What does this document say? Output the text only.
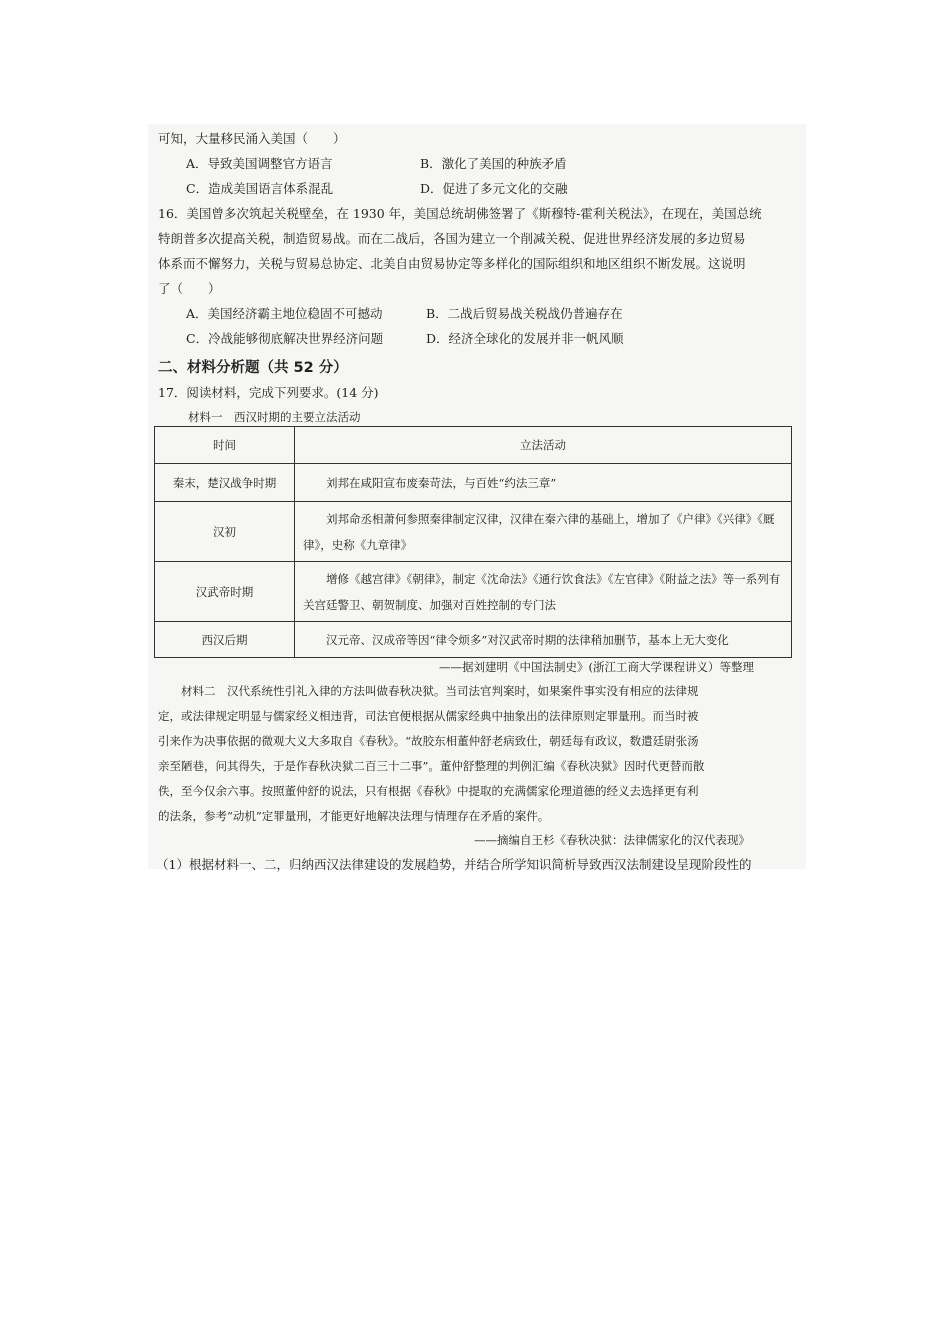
可知，大量移民涌入美国（　　）
A．导致美国调整官方语言	B．激化了美国的种族矛盾
C．造成美国语言体系混乱	D．促进了多元文化的交融
16．美国曾多次筑起关税壁垒，在 1930 年，美国总统胡佛签署了《斯穆特-霍利关税法》，在现在，美国总统
特朗普多次提高关税，制造贸易战。而在二战后，各国为建立一个削减关税、促进世界经济发展的多边贸易
体系而不懈努力，关税与贸易总协定、北美自由贸易协定等多样化的国际组织和地区组织不断发展。这说明
了（　　）
A．美国经济霸主地位稳固不可撼动	B．二战后贸易战关税战仍普遍存在
C．冷战能够彻底解决世界经济问题	D．经济全球化的发展并非一帆风顺
二、材料分析题（共 52 分）
17．阅读材料，完成下列要求。(14 分)
材料一　西汉时期的主要立法活动
时间	立法活动
秦末，楚汉战争时期	　　刘邦在咸阳宣布废秦苛法，与百姓“约法三章”
汉初	　　刘邦命丞相萧何参照秦律制定汉律，汉律在秦六律的基础上，增加了《户律》《兴律》《厩律》，史称《九章律》
汉武帝时期	　　增修《越宫律》《朝律》，制定《沈命法》《通行饮食法》《左官律》《附益之法》等一系列有关宫廷警卫、朝贺制度、加强对百姓控制的专门法
西汉后期	　　汉元帝、汉成帝等因“律令烦多”对汉武帝时期的法律稍加删节，基本上无大变化
——据刘建明《中国法制史》(浙江工商大学课程讲义）等整理
　　材料二　汉代系统性引礼入律的方法叫做春秋决狱。当司法官判案时，如果案件事实没有相应的法律规
定，或法律规定明显与儒家经义相违背，司法官便根据从儒家经典中抽象出的法律原则定罪量刑。而当时被
引来作为决事依据的微观大义大多取自《春秋》。“故胶东相董仲舒老病致仕，朝廷每有政议，数遣廷尉张汤
亲至陋巷，问其得失，于是作春秋决狱二百三十二事”。董仲舒整理的判例汇编《春秋决狱》因时代更替而散
佚，至今仅余六事。按照董仲舒的说法，只有根据《春秋》中提取的充满儒家伦理道德的经义去选择更有利
的法条，参考“动机”定罪量刑，才能更好地解决法理与情理存在矛盾的案件。
——摘编自王杉《春秋决狱：法律儒家化的汉代表现》
（1）根据材料一、二，归纳西汉法律建设的发展趋势，并结合所学知识简析导致西汉法制建设呈现阶段性的
